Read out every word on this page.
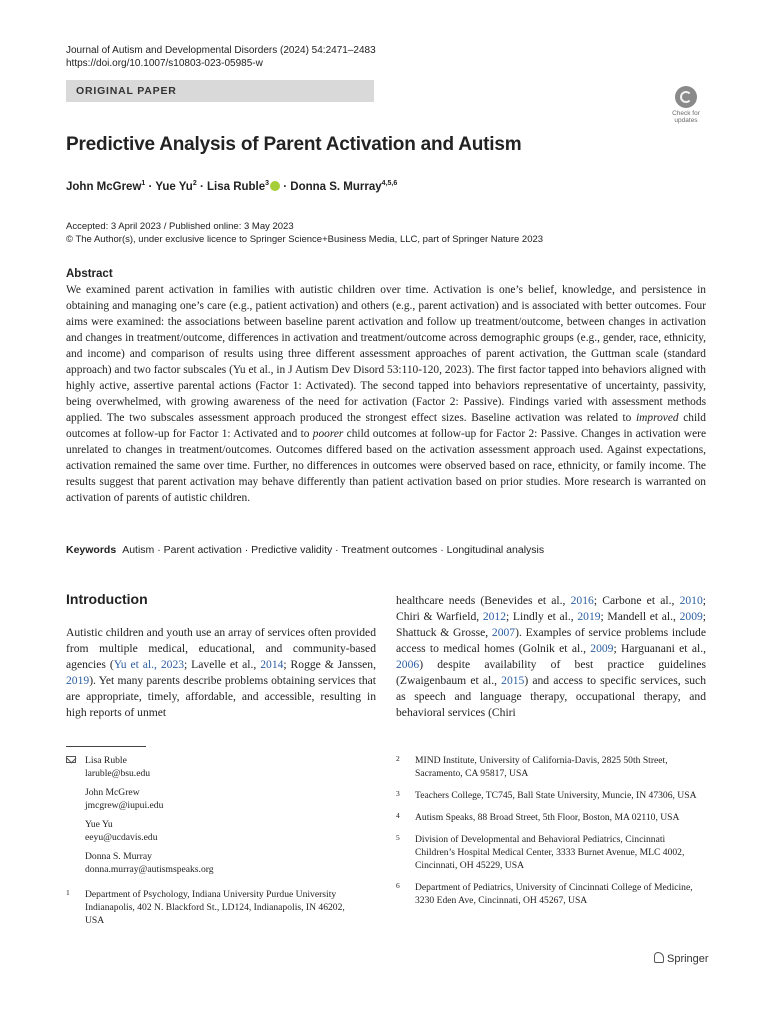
Journal of Autism and Developmental Disorders (2024) 54:2471–2483
https://doi.org/10.1007/s10803-023-05985-w
ORIGINAL PAPER
Check for
updates
Predictive Analysis of Parent Activation and Autism
John McGrew$^1$ · Yue $Yu^2$ · Lisa Ruble$^3$ · Donna S. Murray$^{4,5,6}$
Accepted: 3 April 2023 / Published online: 3 May 2023
© The Author(s), under exclusive licence to Springer Science+Business Media, LLC, part of Springer Nature 2023
Abstract
We examined parent activation in families with autistic children over time. Activation is one’s belief, knowledge, and persistence in obtaining and managing one’s care (e.g., patient activation) and others (e.g., parent activation) and is associated with better outcomes. Four aims were examined: the associations between baseline parent activation and follow up treatment/outcome, between changes in activation and changes in treatment/outcome, differences in activation and treatment/outcome across demographic groups (e.g., gender, race, ethnicity, and income) and comparison of results using three different assessment approaches of parent activation, the Guttman scale (standard approach) and two factor subscales (Yu et al., in J Autism Dev Disord 53:110-120, 2023). The first factor tapped into behaviors aligned with highly active, assertive parental actions (Factor 1: Activated). The second tapped into behaviors representative of uncertainty, passivity, being overwhelmed, with growing awareness of the need for activation (Factor 2: Passive). Findings varied with assessment methods applied. The two subscales assessment approach produced the strongest effect sizes. Baseline activation was related to improved child outcomes at follow-up for Factor 1: Activated and to poorer child outcomes at follow-up for Factor 2: Passive. Changes in activation were unrelated to changes in treatment/outcomes. Outcomes differed based on the activation assessment approach used. Against expectations, activation remained the same over time. Further, no differences in outcomes were observed based on race, ethnicity, or family income. The results suggest that parent activation may behave differently than patient activation based on prior studies. More research is warranted on activation of parents of autistic children.
Keywords Autism · Parent activation · Predictive validity · Treatment outcomes · Longitudinal analysis
Introduction
Autistic children and youth use an array of services often provided from multiple medical, educational, and community-based agencies (Yu et al., 2023; Lavelle et al., 2014; Rogge & Janssen, 2019). Yet many parents describe problems obtaining services that are appropriate, timely, affordable, and accessible, resulting in high reports of unmet
healthcare needs (Benevides et al., 2016; Carbone et al., 2010; Chiri & Warfield, 2012; Lindly et al., 2019; Mandell et al., 2009; Shattuck & Grosse, 2007). Examples of service problems include access to medical homes (Golnik et al., 2009; Harguanani et al., 2006) despite availability of best practice guidelines (Zwaigenbaum et al., 2015) and access to specific services, such as speech and language therapy, occupational therapy, and behavioral services (Chiri
Lisa Ruble
laruble@bsu.edu
John McGrew
jmcgrew@iupui.edu
Yue Yu
eeyu@ucdavis.edu
Donna S. Murray
donna.murray@autismspeaks.org
1 Department of Psychology, Indiana University Purdue University Indianapolis, 402 N. Blackford St., LD124, Indianapolis, IN 46202, USA
2 MIND Institute, University of California-Davis, 2825 50th Street, Sacramento, CA 95817, USA
3 Teachers College, TC745, Ball State University, Muncie, IN 47306, USA
4 Autism Speaks, 88 Broad Street, 5th Floor, Boston, MA 02110, USA
5 Division of Developmental and Behavioral Pediatrics, Cincinnati Children’s Hospital Medical Center, 3333 Burnet Avenue, MLC 4002, Cincinnati, OH 45229, USA
6 Department of Pediatrics, University of Cincinnati College of Medicine, 3230 Eden Ave, Cincinnati, OH 45267, USA
Springer
